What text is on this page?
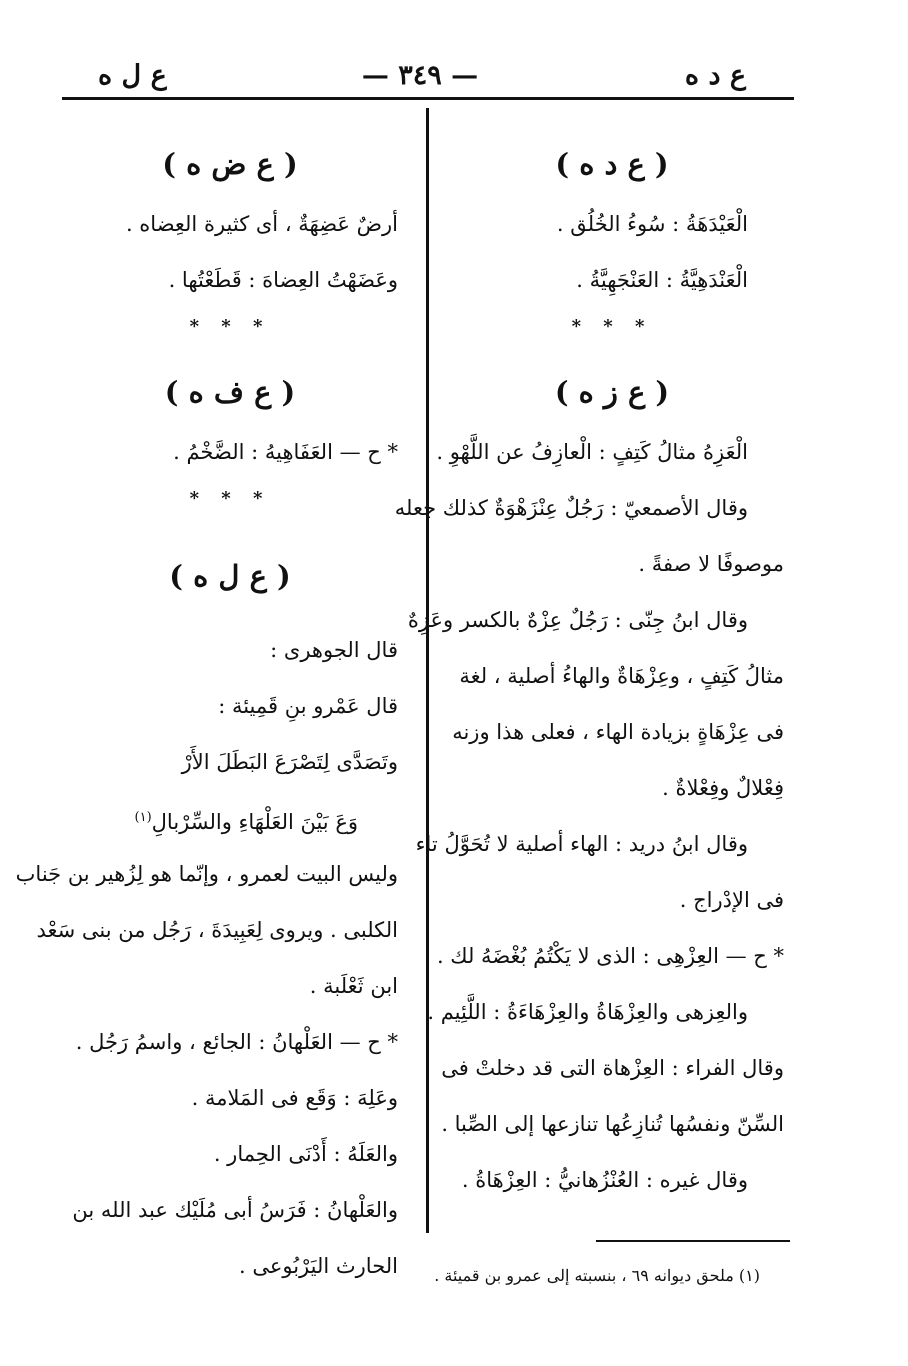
ع د ه
— ٣٤٩ —
ع ل ه
( ع د ه )
الْعَيْدَهَةُ : سُوءُ الخُلُق .
الْعَنْدَهِيَّةُ : العَنْجَهِيَّةُ .
* * *
( ع ز ه )
الْعَزِهُ مثالُ كَتِفٍ : الْعازِفُ عن اللَّهْوِ .
وقال الأصمعيّ : رَجُلٌ عِنْزَهْوَةٌ كذلك جعله
موصوفًا لا صفةً .
وقال ابنُ جِنّى : رَجُلٌ عِزْهٌ بالكسر وعَزِهٌ
مثالُ كَتِفٍ ، وعِزْهَاةٌ والهاءُ أصلية ، لغة
فى عِزْهَاةٍ بزيادة الهاء ، فعلى هذا وزنه
فِعْلالٌ وفِعْلاةٌ .
وقال ابنُ دريد : الهاء أصلية لا تُحَوَّلُ تاء
فى الإدْراج .
* ح — العِزْهِى : الذى لا يَكْتُمُ بُغْضَهُ لك .
والعِزهى والعِزْهَاةُ والعِزْهَاءَةُ : اللَّئِيم .
وقال الفراء : العِزْهاة التى قد دخلتْ فى
السِّنّ ونفسُها تُنازِعُها تنازعها إلى الصِّبا .
وقال غيره : العُنْزُهانيُّ : العِزْهَاةُ .
( ع ض ه )
أرضٌ عَضِهَةٌ ، أى كثيرة العِضاه .
وعَضَهْتُ العِضاهَ : قَطَعْتُها .
* * *
( ع ف ه )
* ح — العَفَاهِيهُ : الضَّخْمُ .
* * *
( ع ل ه )
قال الجوهرى :
قال عَمْرو بنِ قَمِيئة :
وتَصَدَّى لِتَصْرَعَ البَطَلَ الأَرْ
وَعَ بَيْنَ العَلْهَاءِ والسِّرْبالِ$^{(١)}$
وليس البيت لعمرو ، وإنّما هو لِزُهير بن جَناب
الكلبى . ويروى لِعَبِيدَةَ ، رَجُل من بنى سَعْد
ابن ثَعْلَبة .
* ح — العَلْهانُ : الجائع ، واسمُ رَجُل .
وعَلِهَ : وَقَع فى المَلامة .
والعَلَهُ : أَدْنَى الحِمار .
والعَلْهانُ : فَرَسُ أبى مُلَيْك عبد الله بن
الحارث اليَرْبُوعى .	(١) ملحق ديوانه ٦٩ ، بنسبته إلى عمرو بن قميئة .
